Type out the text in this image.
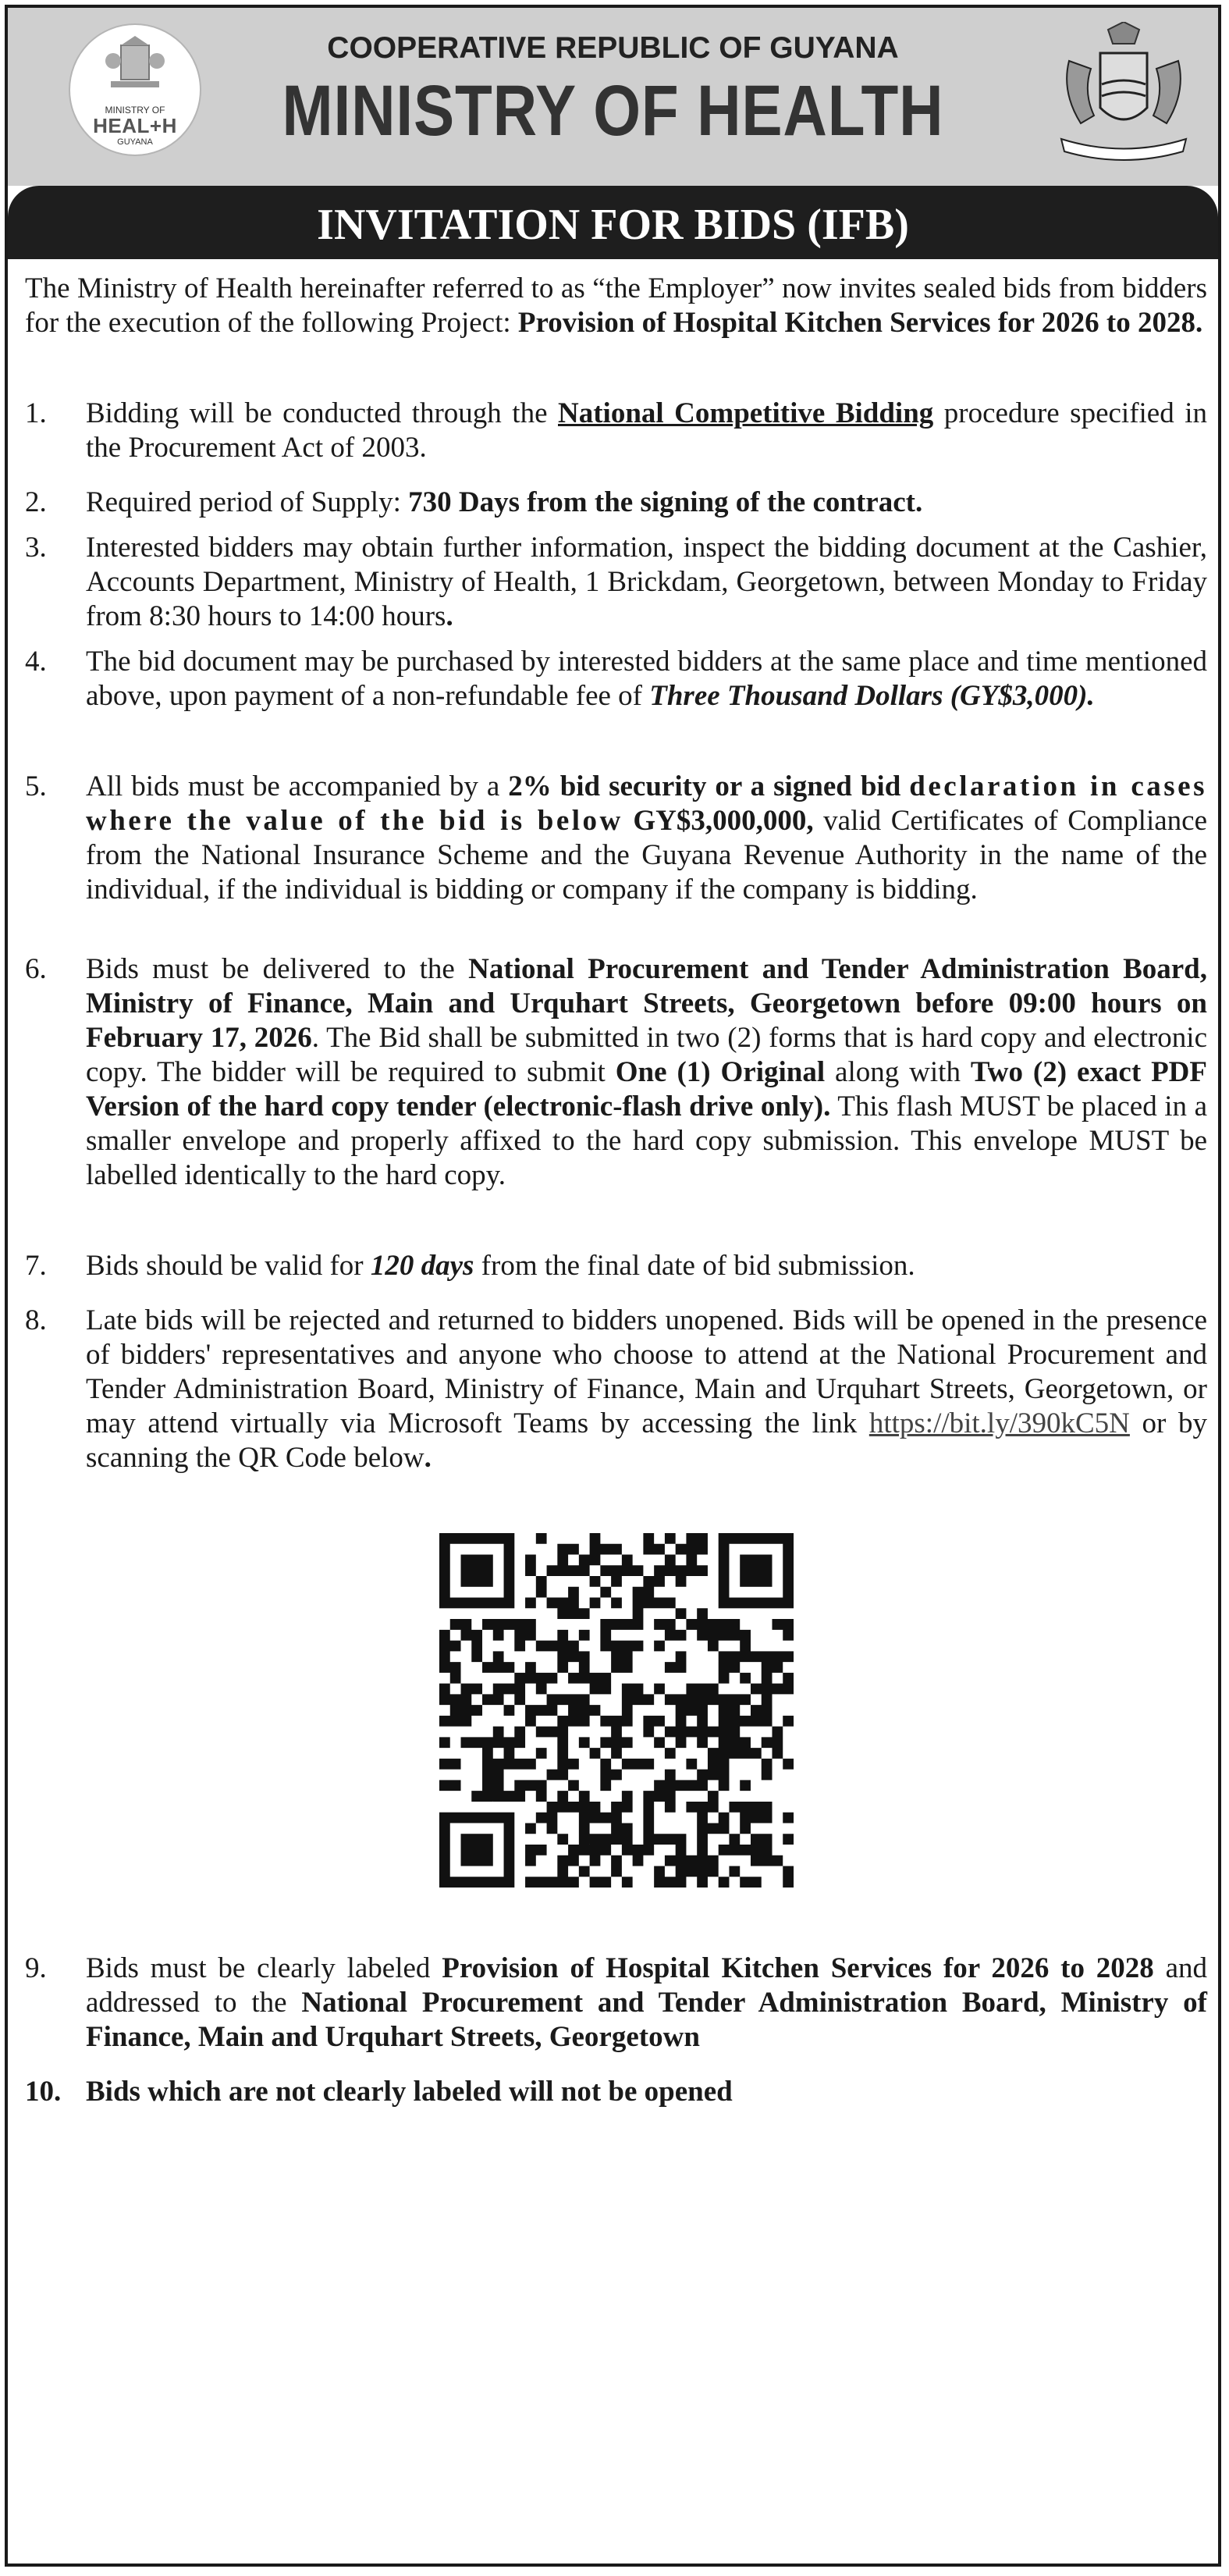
MINISTRY OF
HEAL+H
GUYANA
COOPERATIVE REPUBLIC OF GUYANA
MINISTRY OF HEALTH
INVITATION FOR BIDS (IFB)

The Ministry of Health hereinafter referred to as “the Employer” now invites sealed bids from bidders for the execution of the following Project: Provision of Hospital Kitchen Services for 2026 to 2028.

1.	Bidding will be conducted through the National Competitive Bidding procedure specified in the Procurement Act of 2003.
2.	Required period of Supply: 730 Days from the signing of the contract.
3.	Interested bidders may obtain further information, inspect the bidding document at the Cashier, Accounts Department, Ministry of Health, 1 Brickdam, Georgetown, between Monday to Friday from 8:30 hours to 14:00 hours.
4.	The bid document may be purchased by interested bidders at the same place and time mentioned above, upon payment of a non-refundable fee of Three Thousand Dollars (GY$3,000).
5.	All bids must be accompanied by a 2% bid security or a signed bid declaration in cases where the value of the bid is below GY$3,000,000, valid Certificates of Compliance from the National Insurance Scheme and the Guyana Revenue Authority in the name of the individual, if the individual is bidding or company if the company is bidding.
6.	Bids must be delivered to the National Procurement and Tender Administration Board, Ministry of Finance, Main and Urquhart Streets, Georgetown before 09:00 hours on February 17, 2026. The Bid shall be submitted in two (2) forms that is hard copy and electronic copy. The bidder will be required to submit One (1) Original along with Two (2) exact PDF Version of the hard copy tender (electronic-flash drive only). This flash MUST be placed in a smaller envelope and properly affixed to the hard copy submission. This envelope MUST be labelled identically to the hard copy.
7.	Bids should be valid for 120 days from the final date of bid submission.
8.	Late bids will be rejected and returned to bidders unopened. Bids will be opened in the presence of bidders' representatives and anyone who choose to attend at the National Procurement and Tender Administration Board, Ministry of Finance, Main and Urquhart Streets, Georgetown, or may attend virtually via Microsoft Teams by accessing the link https://bit.ly/390kC5N or by scanning the QR Code below.
9.	Bids must be clearly labeled Provision of Hospital Kitchen Services for 2026 to 2028 and addressed to the National Procurement and Tender Administration Board, Ministry of Finance, Main and Urquhart Streets, Georgetown
10. Bids which are not clearly labeled will not be opened
